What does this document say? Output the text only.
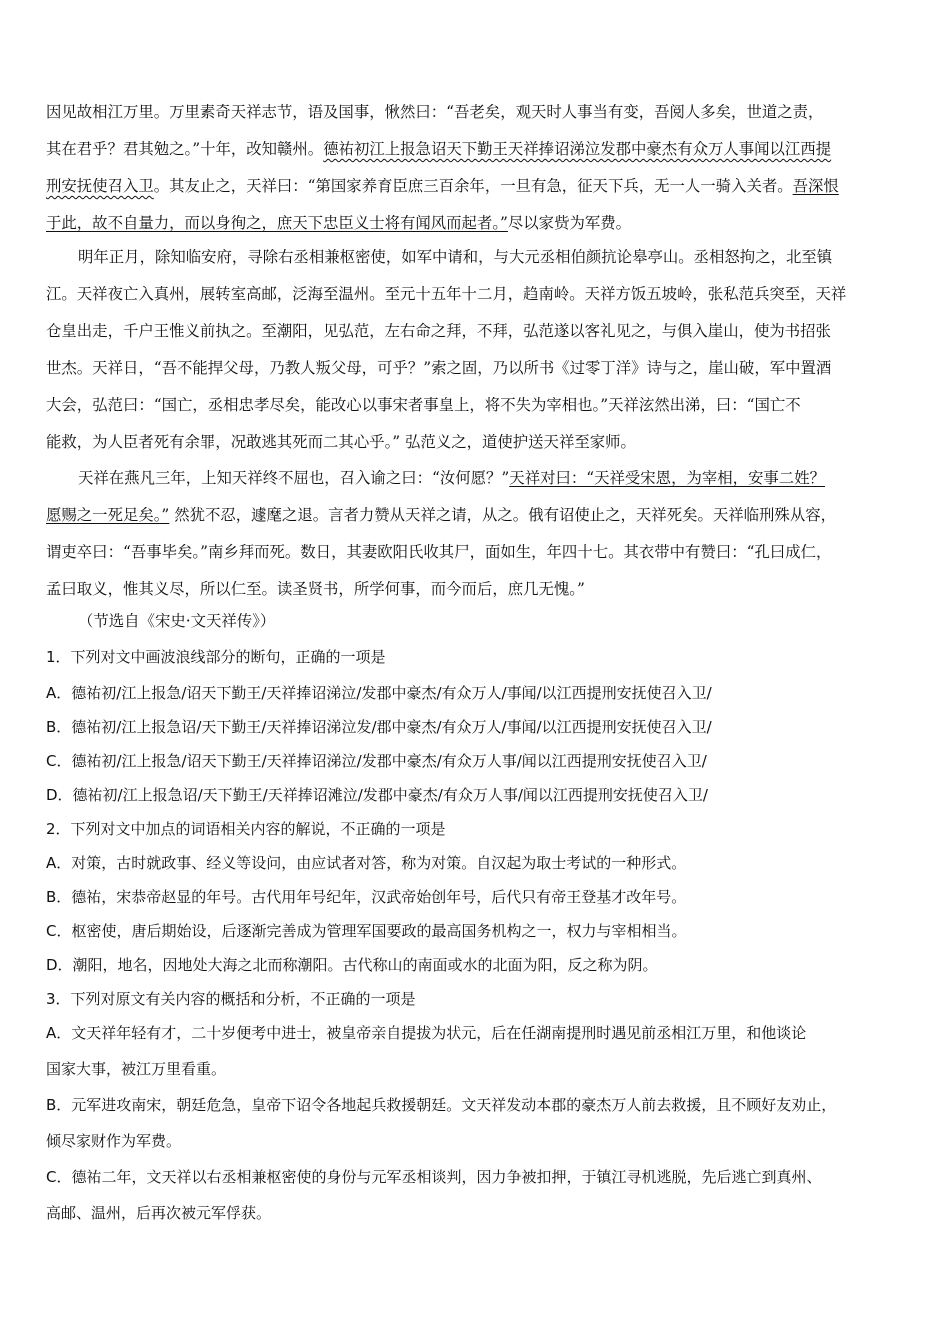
因见故相江万里。万里素奇天祥志节，语及国事，愀然曰：“吾老矣，观天时人事当有变，吾阅人多矣，世道之责，
其在君乎？君其勉之。”十年，改知赣州。德祐初江上报急诏天下勤王天祥捧诏涕泣发郡中豪杰有众万人事闻以江西提
刑安抚使召入卫。其友止之，天祥曰：“第国家养育臣庶三百余年，一旦有急，征天下兵，无一人一骑入关者。吾深恨
于此，故不自量力，而以身徇之，庶天下忠臣义士将有闻风而起者。”尽以家赀为军费。
明年正月，除知临安府，寻除右丞相兼枢密使，如军中请和，与大元丞相伯颜抗论皋亭山。丞相怒拘之，北至镇
江。天祥夜亡入真州，展转室高邮，泛海至温州。至元十五年十二月，趋南岭。天祥方饭五坡岭，张私范兵突至，天祥
仓皇出走，千户王惟义前执之。至潮阳，见弘范，左右命之拜，不拜，弘范遂以客礼见之，与俱入崖山，使为书招张
世杰。天祥日，“吾不能捍父母，乃教人叛父母，可乎？”索之固，乃以所书《过零丁洋》诗与之，崖山破，军中置酒
大会，弘范曰：“国亡，丞相忠孝尽矣，能改心以事宋者事皇上，将不失为宰相也。”天祥泫然出涕，曰：“国亡不
能救，为人臣者死有余罪，况敢逃其死而二其心乎。” 弘范义之，道使护送天祥至家师。
天祥在燕凡三年，上知天祥终不屈也，召入谕之曰：“汝何愿？”天祥对曰：“天祥受宋恩，为宰相，安事二姓？
愿赐之一死足矣。” 然犹不忍，遽麾之退。言者力赞从天祥之请，从之。俄有诏使止之，天祥死矣。天祥临刑殊从容，
谓吏卒曰：“吾事毕矣。”南乡拜而死。数日，其妻欧阳氏收其尸，面如生，年四十七。其衣带中有赞曰：“孔曰成仁，
孟曰取义，惟其义尽，所以仁至。读圣贤书，所学何事，而今而后，庶几无愧。”
（节选自《宋史·文天祥传》）
1．下列对文中画波浪线部分的断句，正确的一项是
A．德祐初/江上报急/诏天下勤王/天祥捧诏涕泣/发郡中豪杰/有众万人/事闻/以江西提刑安抚使召入卫/
B．德祐初/江上报急诏/天下勤王/天祥捧诏涕泣发/郡中豪杰/有众万人/事闻/以江西提刑安抚使召入卫/
C．德祐初/江上报急/诏天下勤王/天祥捧诏涕泣/发郡中豪杰/有众万人事/闻以江西提刑安抚使召入卫/
D．德祐初/江上报急诏/天下勤王/天祥捧诏滩泣/发郡中豪杰/有众万人事/闻以江西提刑安抚使召入卫/
2．下列对文中加点的词语相关内容的解说，不正确的一项是
A．对策，古时就政事、经义等设问，由应试者对答，称为对策。自汉起为取士考试的一种形式。
B．德祐，宋恭帝赵显的年号。古代用年号纪年，汉武帝始创年号，后代只有帝王登基才改年号。
C．枢密使，唐后期始设，后逐渐完善成为管理军国要政的最高国务机构之一，权力与宰相相当。
D．潮阳，地名，因地处大海之北而称潮阳。古代称山的南面或水的北面为阳，反之称为阴。
3．下列对原文有关内容的概括和分析，不正确的一项是
A．文天祥年轻有才，二十岁便考中进士，被皇帝亲自提拔为状元，后在任湖南提刑时遇见前丞相江万里，和他谈论
国家大事，被江万里看重。
B．元军进攻南宋，朝廷危急，皇帝下诏令各地起兵救援朝廷。文天祥发动本郡的豪杰万人前去救援，且不顾好友劝止，
倾尽家财作为军费。
C．德祐二年，文天祥以右丞相兼枢密使的身份与元军丞相谈判，因力争被扣押，于镇江寻机逃脱，先后逃亡到真州、
高邮、温州，后再次被元军俘获。
